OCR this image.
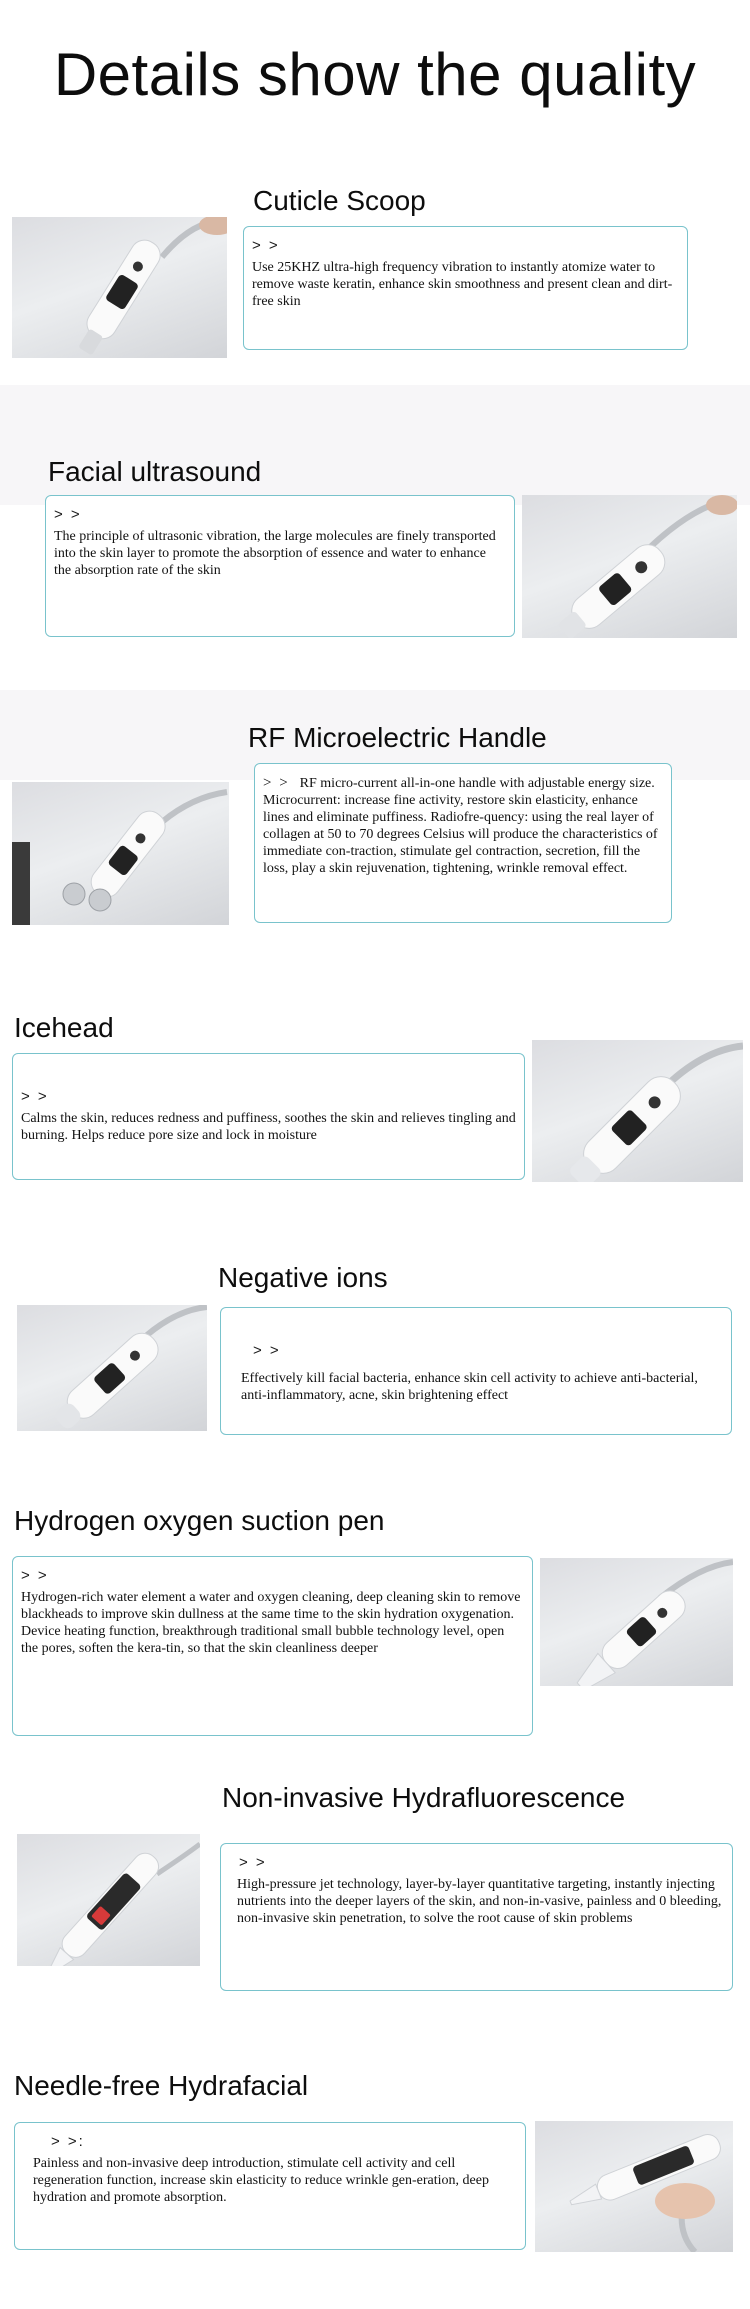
Details show the quality
Cuticle Scoop

> >

Use 25KHZ ultra-high frequency vibration to instantly atomize water to remove waste keratin, enhance skin smoothness and present clean and dirt-free skin

Facial ultrasound

> >

The principle of ultrasonic vibration, the large molecules are finely transported into the skin layer to promote the absorption of essence and water to enhance the absorption rate of the skin

RF Microelectric Handle

> > RF micro-current all-in-one handle with adjustable energy size. Microcurrent: increase fine activity, restore skin elasticity, enhance lines and eliminate puffiness. Radiofre-quency: using the real layer of collagen at 50 to 70 degrees Celsius will produce the characteristics of immediate con-traction, stimulate gel contraction, secretion, fill the loss, play a skin rejuvenation, tightening, wrinkle removal effect.

Icehead

> >

Calms the skin, reduces redness and puffiness, soothes the skin and relieves tingling and burning. Helps reduce pore size and lock in moisture

Negative ions

> >

Effectively kill facial bacteria, enhance skin cell activity to achieve anti-bacterial, anti-inflammatory, acne, skin brightening effect

Hydrogen oxygen suction pen

> >

Hydrogen-rich water element a water and oxygen cleaning, deep cleaning skin to remove blackheads to improve skin dullness at the same time to the skin hydration oxygenation. Device heating function, breakthrough traditional small bubble technology level, open the pores, soften the kera-tin, so that the skin cleanliness deeper

Non-invasive Hydrafluorescence

> >

High-pressure jet technology, layer-by-layer quantitative targeting, instantly injecting nutrients into the deeper layers of the skin, and non-in-vasive, painless and 0 bleeding, non-invasive skin penetration, to solve the root cause of skin problems

Needle-free Hydrafacial

> >:

Painless and non-invasive deep introduction, stimulate cell activity and cell regeneration function, increase skin elasticity to reduce wrinkle gen-eration, deep hydration and promote absorption.
